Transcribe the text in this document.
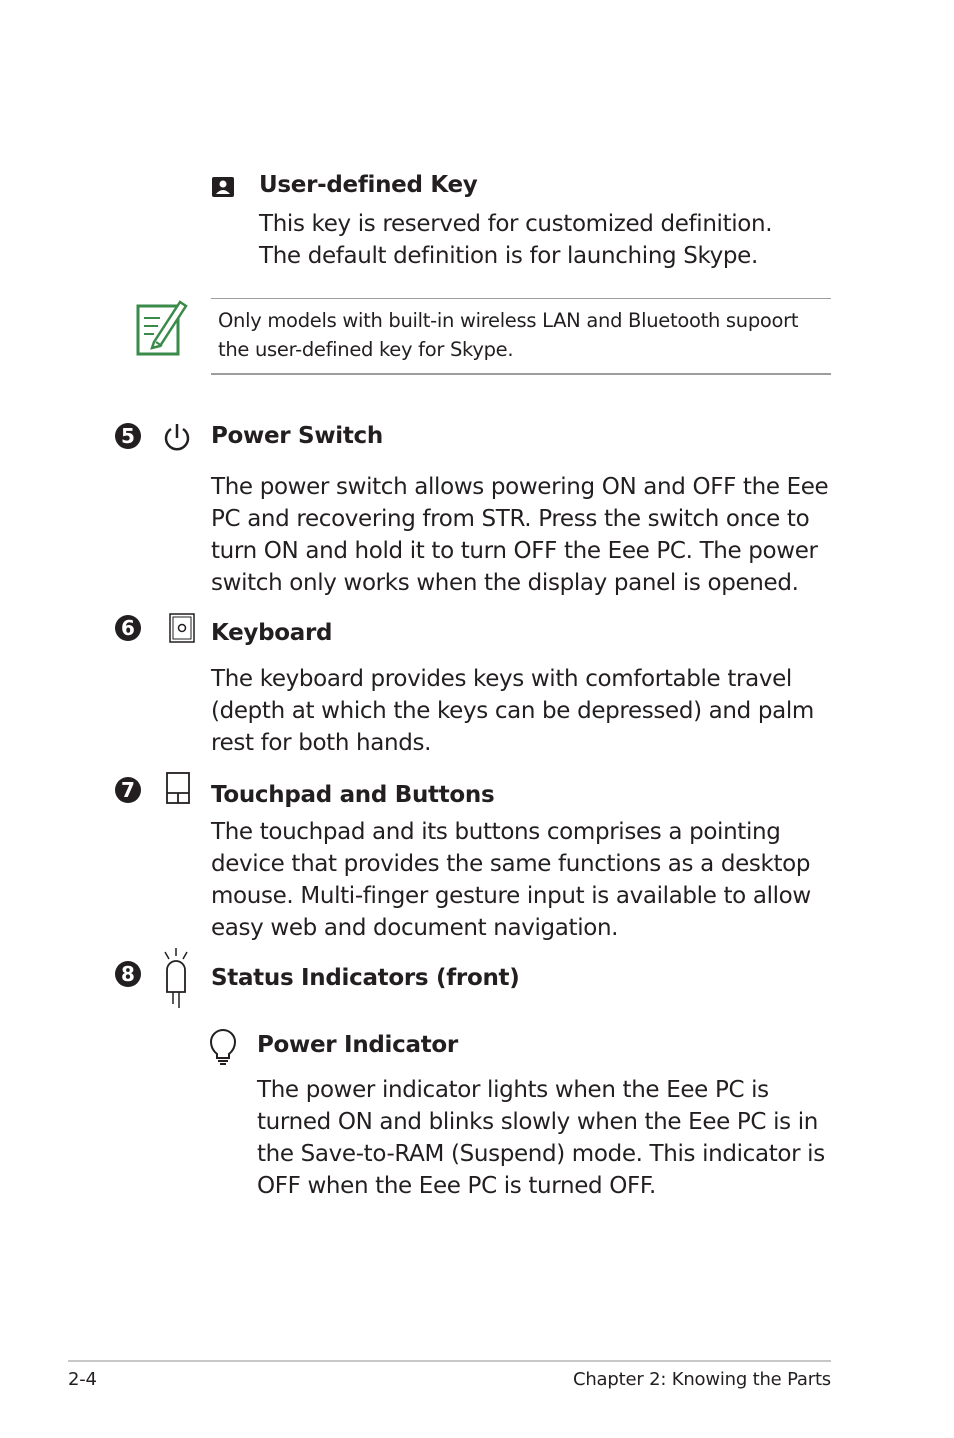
User-defined Key
This key is reserved for customized definition. The default definition is for launching Skype.
Only models with built-in wireless LAN and Bluetooth supoort the user-defined key for Skype.
5	Power Switch
The power switch allows powering ON and OFF the Eee PC and recovering from STR. Press the switch once to turn ON and hold it to turn OFF the Eee PC. The power switch only works when the display panel is opened.
6	Keyboard
The keyboard provides keys with comfortable travel (depth at which the keys can be depressed) and palm rest for both hands.
7	Touchpad and Buttons
The touchpad and its buttons comprises a pointing device that provides the same functions as a desktop mouse. Multi-finger gesture input is available to allow easy web and document navigation.
8	Status Indicators (front)
Power Indicator
The power indicator lights when the Eee PC is turned ON and blinks slowly when the Eee PC is in the Save-to-RAM (Suspend) mode. This indicator is OFF when the Eee PC is turned OFF.
2-4	Chapter 2: Knowing the Parts
